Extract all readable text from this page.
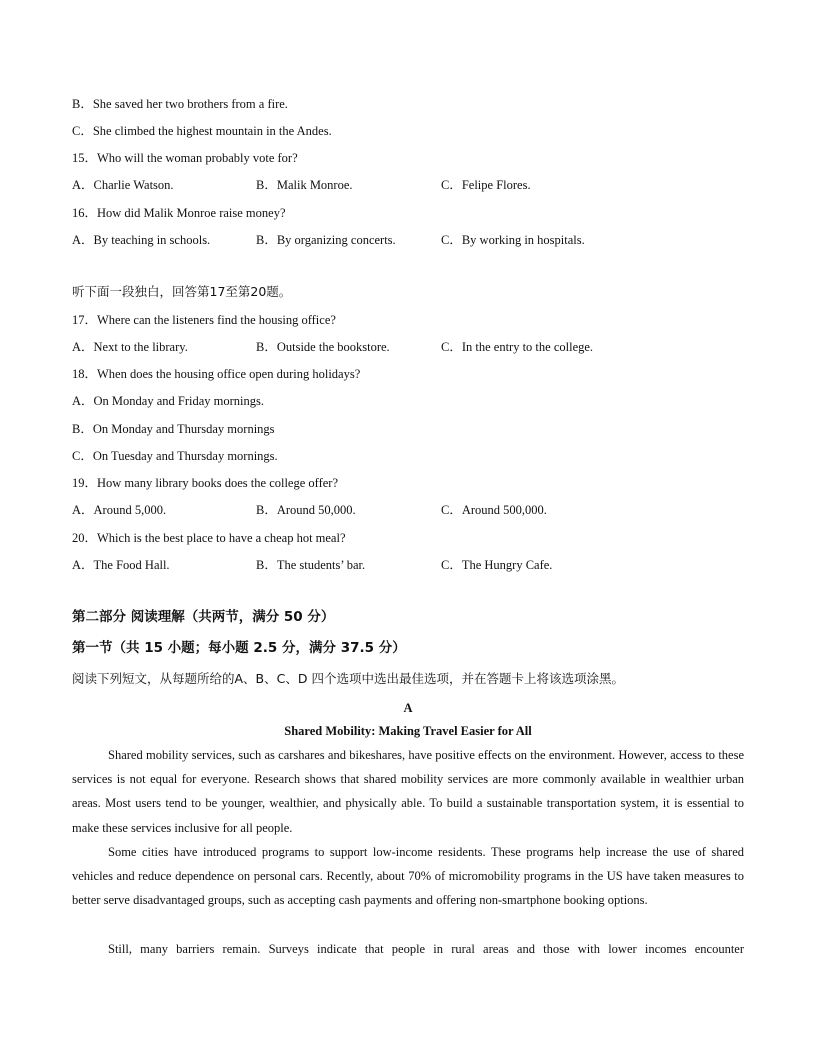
B．She saved her two brothers from a fire.
C．She climbed the highest mountain in the Andes.
15．Who will the woman probably vote for?
A．Charlie Watson.	B．Malik Monroe.	C．Felipe Flores.
16．How did Malik Monroe raise money?
A．By teaching in schools.	B．By organizing concerts.	C．By working in hospitals.
听下面一段独白，回答第17至第20题。
17．Where can the listeners find the housing office?
A．Next to the library.	B．Outside the bookstore.	C．In the entry to the college.
18．When does the housing office open during holidays?
A．On Monday and Friday mornings.
B．On Monday and Thursday mornings
C．On Tuesday and Thursday mornings.
19．How many library books does the college offer?
A．Around 5,000.	B．Around 50,000.	C．Around 500,000.
20．Which is the best place to have a cheap hot meal?
A．The Food Hall.	B．The students’ bar.	C．The Hungry Cafe.
第二部分 阅读理解（共两节，满分 50 分）
第一节（共 15 小题；每小题 2.5 分，满分 37.5 分）
阅读下列短文，从每题所给的A、B、C、D 四个选项中选出最佳选项，并在答题卡上将该选项涂黑。
A
Shared Mobility: Making Travel Easier for All
Shared mobility services, such as carshares and bikeshares, have positive effects on the environment. However, access to these services is not equal for everyone. Research shows that shared mobility services are more commonly available in wealthier urban areas. Most users tend to be younger, wealthier, and physically able. To build a sustainable transportation system, it is essential to make these services inclusive for all people.
Some cities have introduced programs to support low-income residents. These programs help increase the use of shared vehicles and reduce dependence on personal cars. Recently, about 70% of micromobility programs in the US have taken measures to better serve disadvantaged groups, such as accepting cash payments and offering non-smartphone booking options.
Still, many barriers remain. Surveys indicate that people in rural areas and those with lower incomes encounter
